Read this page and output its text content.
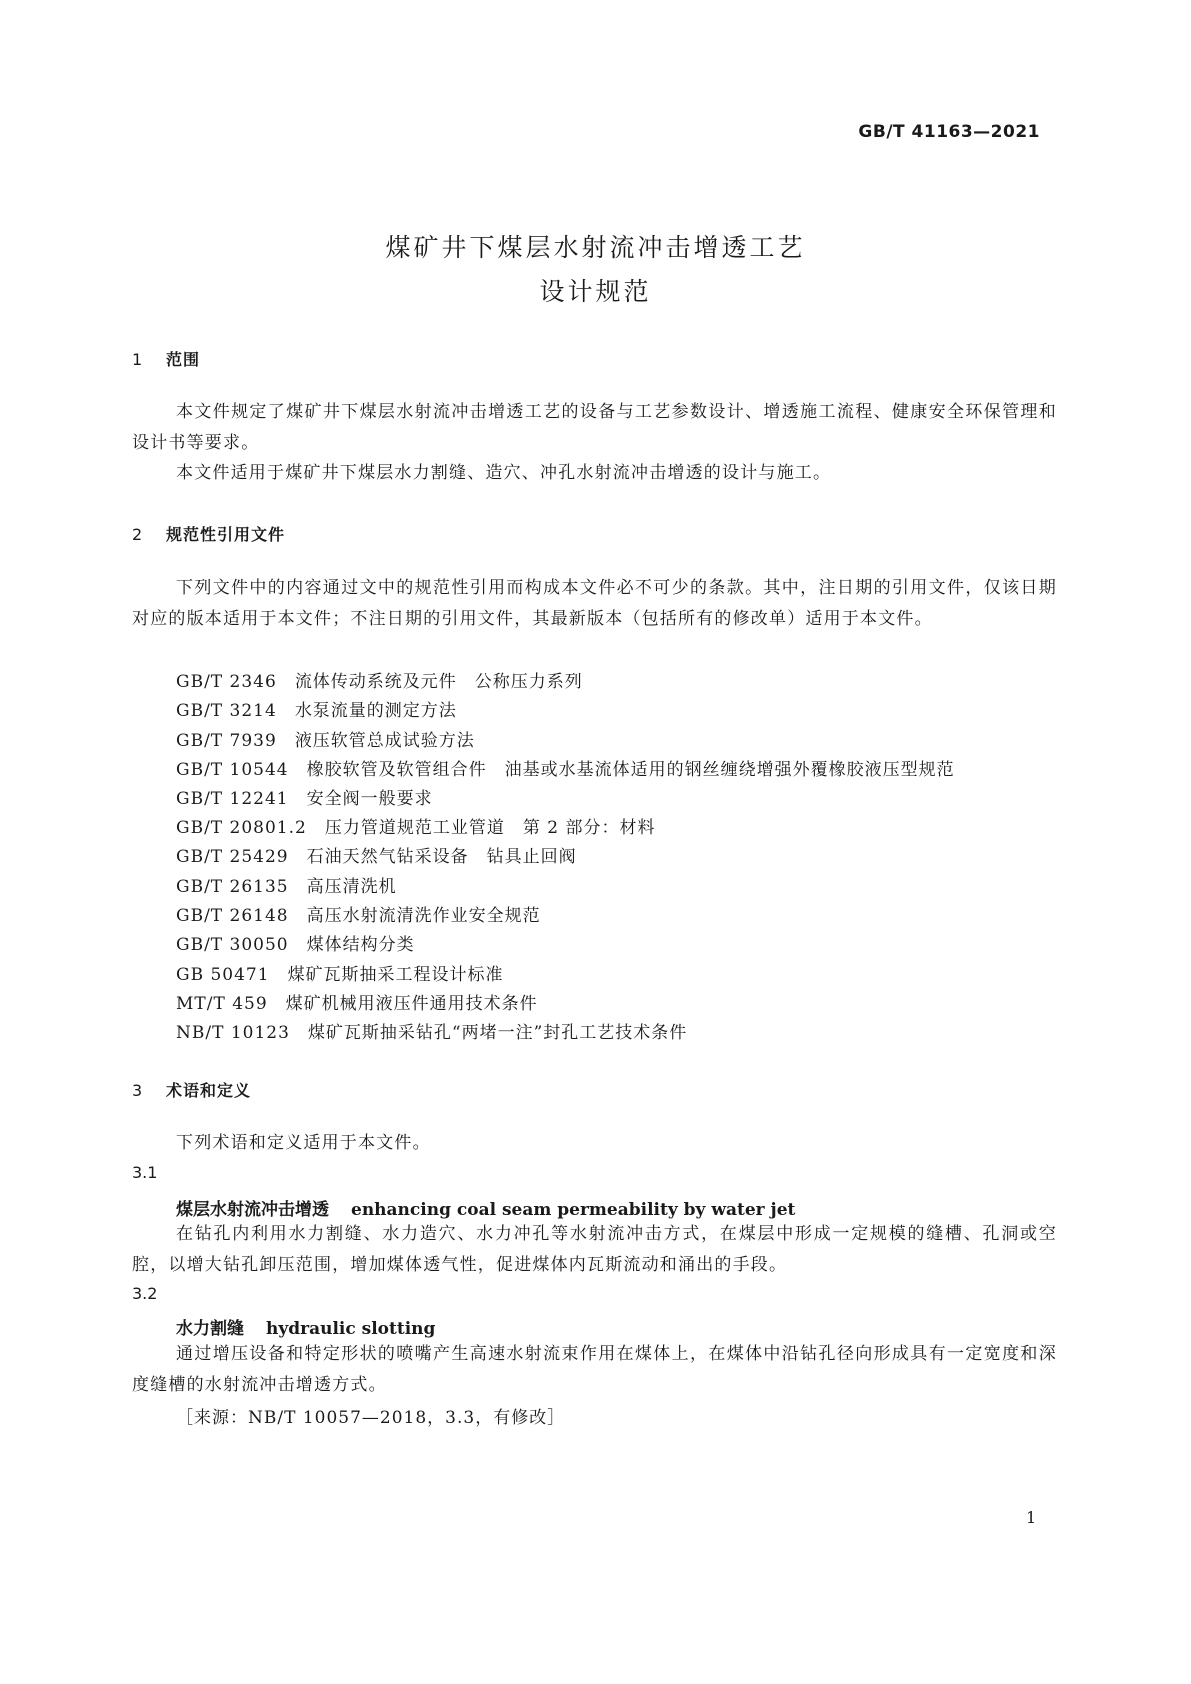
GB/T 41163—2021
煤矿井下煤层水射流冲击增透工艺
设计规范
1 范围
本文件规定了煤矿井下煤层水射流冲击增透工艺的设备与工艺参数设计、增透施工流程、健康安全环保管理和设计书等要求。
本文件适用于煤矿井下煤层水力割缝、造穴、冲孔水射流冲击增透的设计与施工。
2 规范性引用文件
下列文件中的内容通过文中的规范性引用而构成本文件必不可少的条款。其中，注日期的引用文件，仅该日期对应的版本适用于本文件；不注日期的引用文件，其最新版本（包括所有的修改单）适用于本文件。
GB/T 2346 流体传动系统及元件　公称压力系列
GB/T 3214 水泵流量的测定方法
GB/T 7939 液压软管总成试验方法
GB/T 10544 橡胶软管及软管组合件　油基或水基流体适用的钢丝缠绕增强外覆橡胶液压型规范
GB/T 12241 安全阀一般要求
GB/T 20801.2 压力管道规范工业管道　第 2 部分：材料
GB/T 25429 石油天然气钻采设备　钻具止回阀
GB/T 26135 高压清洗机
GB/T 26148 高压水射流清洗作业安全规范
GB/T 30050 煤体结构分类
GB 50471 煤矿瓦斯抽采工程设计标准
MT/T 459 煤矿机械用液压件通用技术条件
NB/T 10123 煤矿瓦斯抽采钻孔“两堵一注”封孔工艺技术条件
3 术语和定义
下列术语和定义适用于本文件。
3.1
煤层水射流冲击增透 enhancing coal seam permeability by water jet
在钻孔内利用水力割缝、水力造穴、水力冲孔等水射流冲击方式，在煤层中形成一定规模的缝槽、孔洞或空腔，以增大钻孔卸压范围，增加煤体透气性，促进煤体内瓦斯流动和涌出的手段。
3.2
水力割缝 hydraulic slotting
通过增压设备和特定形状的喷嘴产生高速水射流束作用在煤体上，在煤体中沿钻孔径向形成具有一定宽度和深度缝槽的水射流冲击增透方式。
［来源：NB/T 10057—2018，3.3，有修改］
1
